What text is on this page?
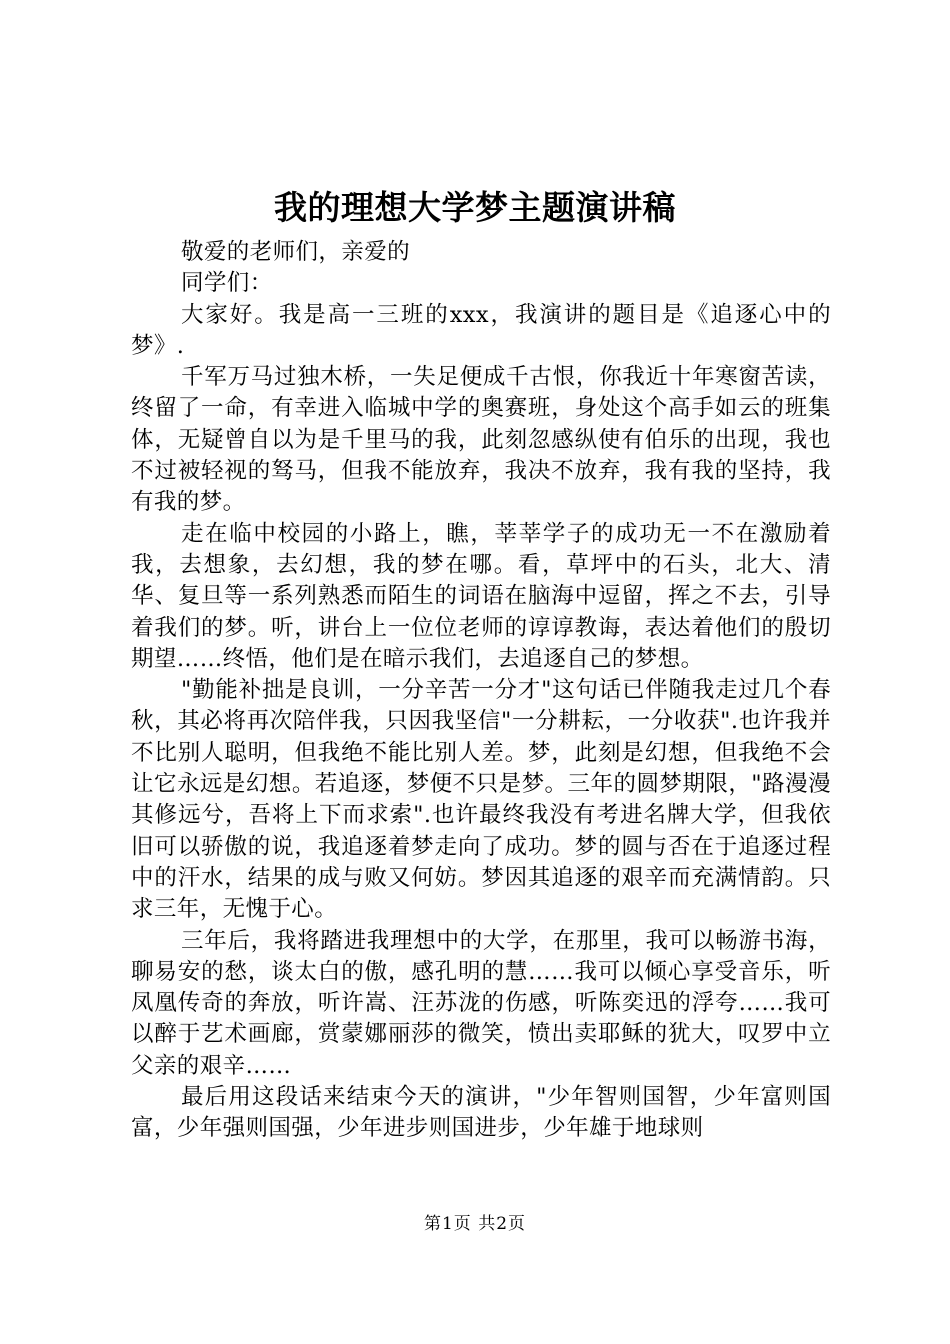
我的理想大学梦主题演讲稿

敬爱的老师们，亲爱的

同学们：

大家好。我是高一三班的xxx，我演讲的题目是《追逐心中的梦》.

千军万马过独木桥，一失足便成千古恨，你我近十年寒窗苦读，终留了一命，有幸进入临城中学的奥赛班，身处这个高手如云的班集体，无疑曾自以为是千里马的我，此刻忽感纵使有伯乐的出现，我也不过被轻视的驽马，但我不能放弃，我决不放弃，我有我的坚持，我有我的梦。

走在临中校园的小路上，瞧，莘莘学子的成功无一不在激励着我，去想象，去幻想，我的梦在哪。看，草坪中的石头，北大、清华、复旦等一系列熟悉而陌生的词语在脑海中逗留，挥之不去，引导着我们的梦。听，讲台上一位位老师的谆谆教诲，表达着他们的殷切期望……终悟，他们是在暗示我们，去追逐自己的梦想。

"勤能补拙是良训，一分辛苦一分才"这句话已伴随我走过几个春秋，其必将再次陪伴我，只因我坚信"一分耕耘，一分收获".也许我并不比别人聪明，但我绝不能比别人差。梦，此刻是幻想，但我绝不会让它永远是幻想。若追逐，梦便不只是梦。三年的圆梦期限，"路漫漫其修远兮，吾将上下而求索".也许最终我没有考进名牌大学，但我依旧可以骄傲的说，我追逐着梦走向了成功。梦的圆与否在于追逐过程中的汗水，结果的成与败又何妨。梦因其追逐的艰辛而充满情韵。只求三年，无愧于心。

三年后，我将踏进我理想中的大学，在那里，我可以畅游书海，聊易安的愁，谈太白的傲，感孔明的慧……我可以倾心享受音乐，听凤凰传奇的奔放，听许嵩、汪苏泷的伤感，听陈奕迅的浮夸……我可以醉于艺术画廊，赏蒙娜丽莎的微笑，愤出卖耶稣的犹大，叹罗中立父亲的艰辛……

最后用这段话来结束今天的演讲，"少年智则国智，少年富则国富，少年强则国强，少年进步则国进步，少年雄于地球则

第1页 共2页
